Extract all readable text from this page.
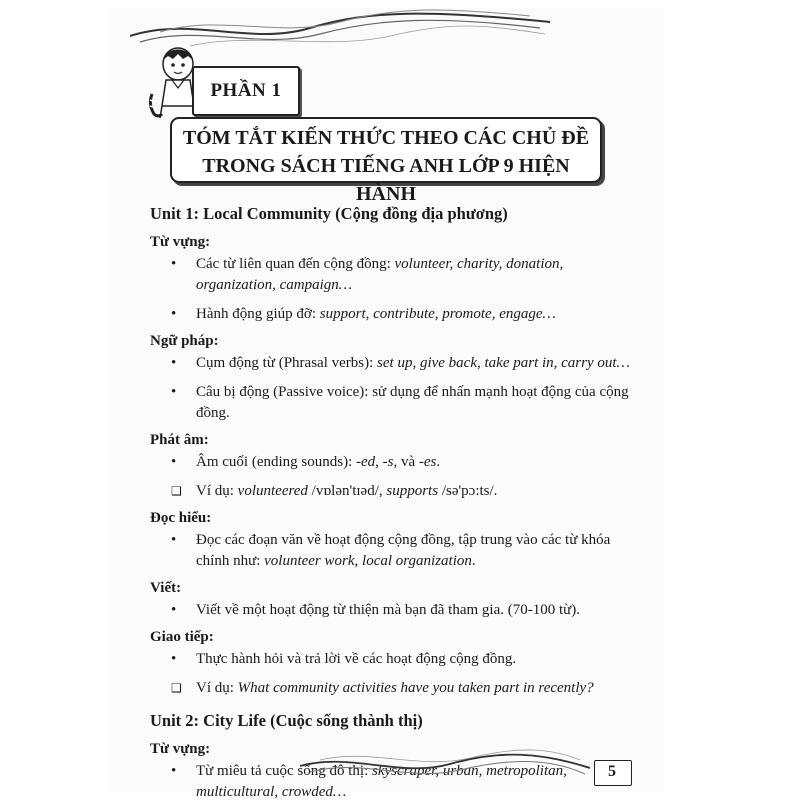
PHẦN 1
TÓM TẮT KIẾN THỨC THEO CÁC CHỦ ĐỀ
TRONG SÁCH TIẾNG ANH LỚP 9 HIỆN HÀNH
Unit 1: Local Community (Cộng đồng địa phương)
Từ vựng:
• Các từ liên quan đến cộng đồng: volunteer, charity, donation, organization, campaign…
• Hành động giúp đỡ: support, contribute, promote, engage…
Ngữ pháp:
• Cụm động từ (Phrasal verbs): set up, give back, take part in, carry out…
• Câu bị động (Passive voice): sử dụng để nhấn mạnh hoạt động của cộng đồng.
Phát âm:
• Âm cuối (ending sounds): -ed, -s, và -es.
❑ Ví dụ: volunteered /vɒlən'tɪəd/, supports /sə'pɔ:ts/.
Đọc hiểu:
• Đọc các đoạn văn về hoạt động cộng đồng, tập trung vào các từ khóa chính như: volunteer work, local organization.
Viết:
• Viết về một hoạt động từ thiện mà bạn đã tham gia. (70-100 từ).
Giao tiếp:
• Thực hành hỏi và trả lời về các hoạt động cộng đồng.
❑ Ví dụ: What community activities have you taken part in recently?
Unit 2: City Life (Cuộc sống thành thị)
Từ vựng:
• Từ miêu tả cuộc sống đô thị: skyscraper, urban, metropolitan, multicultural, crowded…
5
